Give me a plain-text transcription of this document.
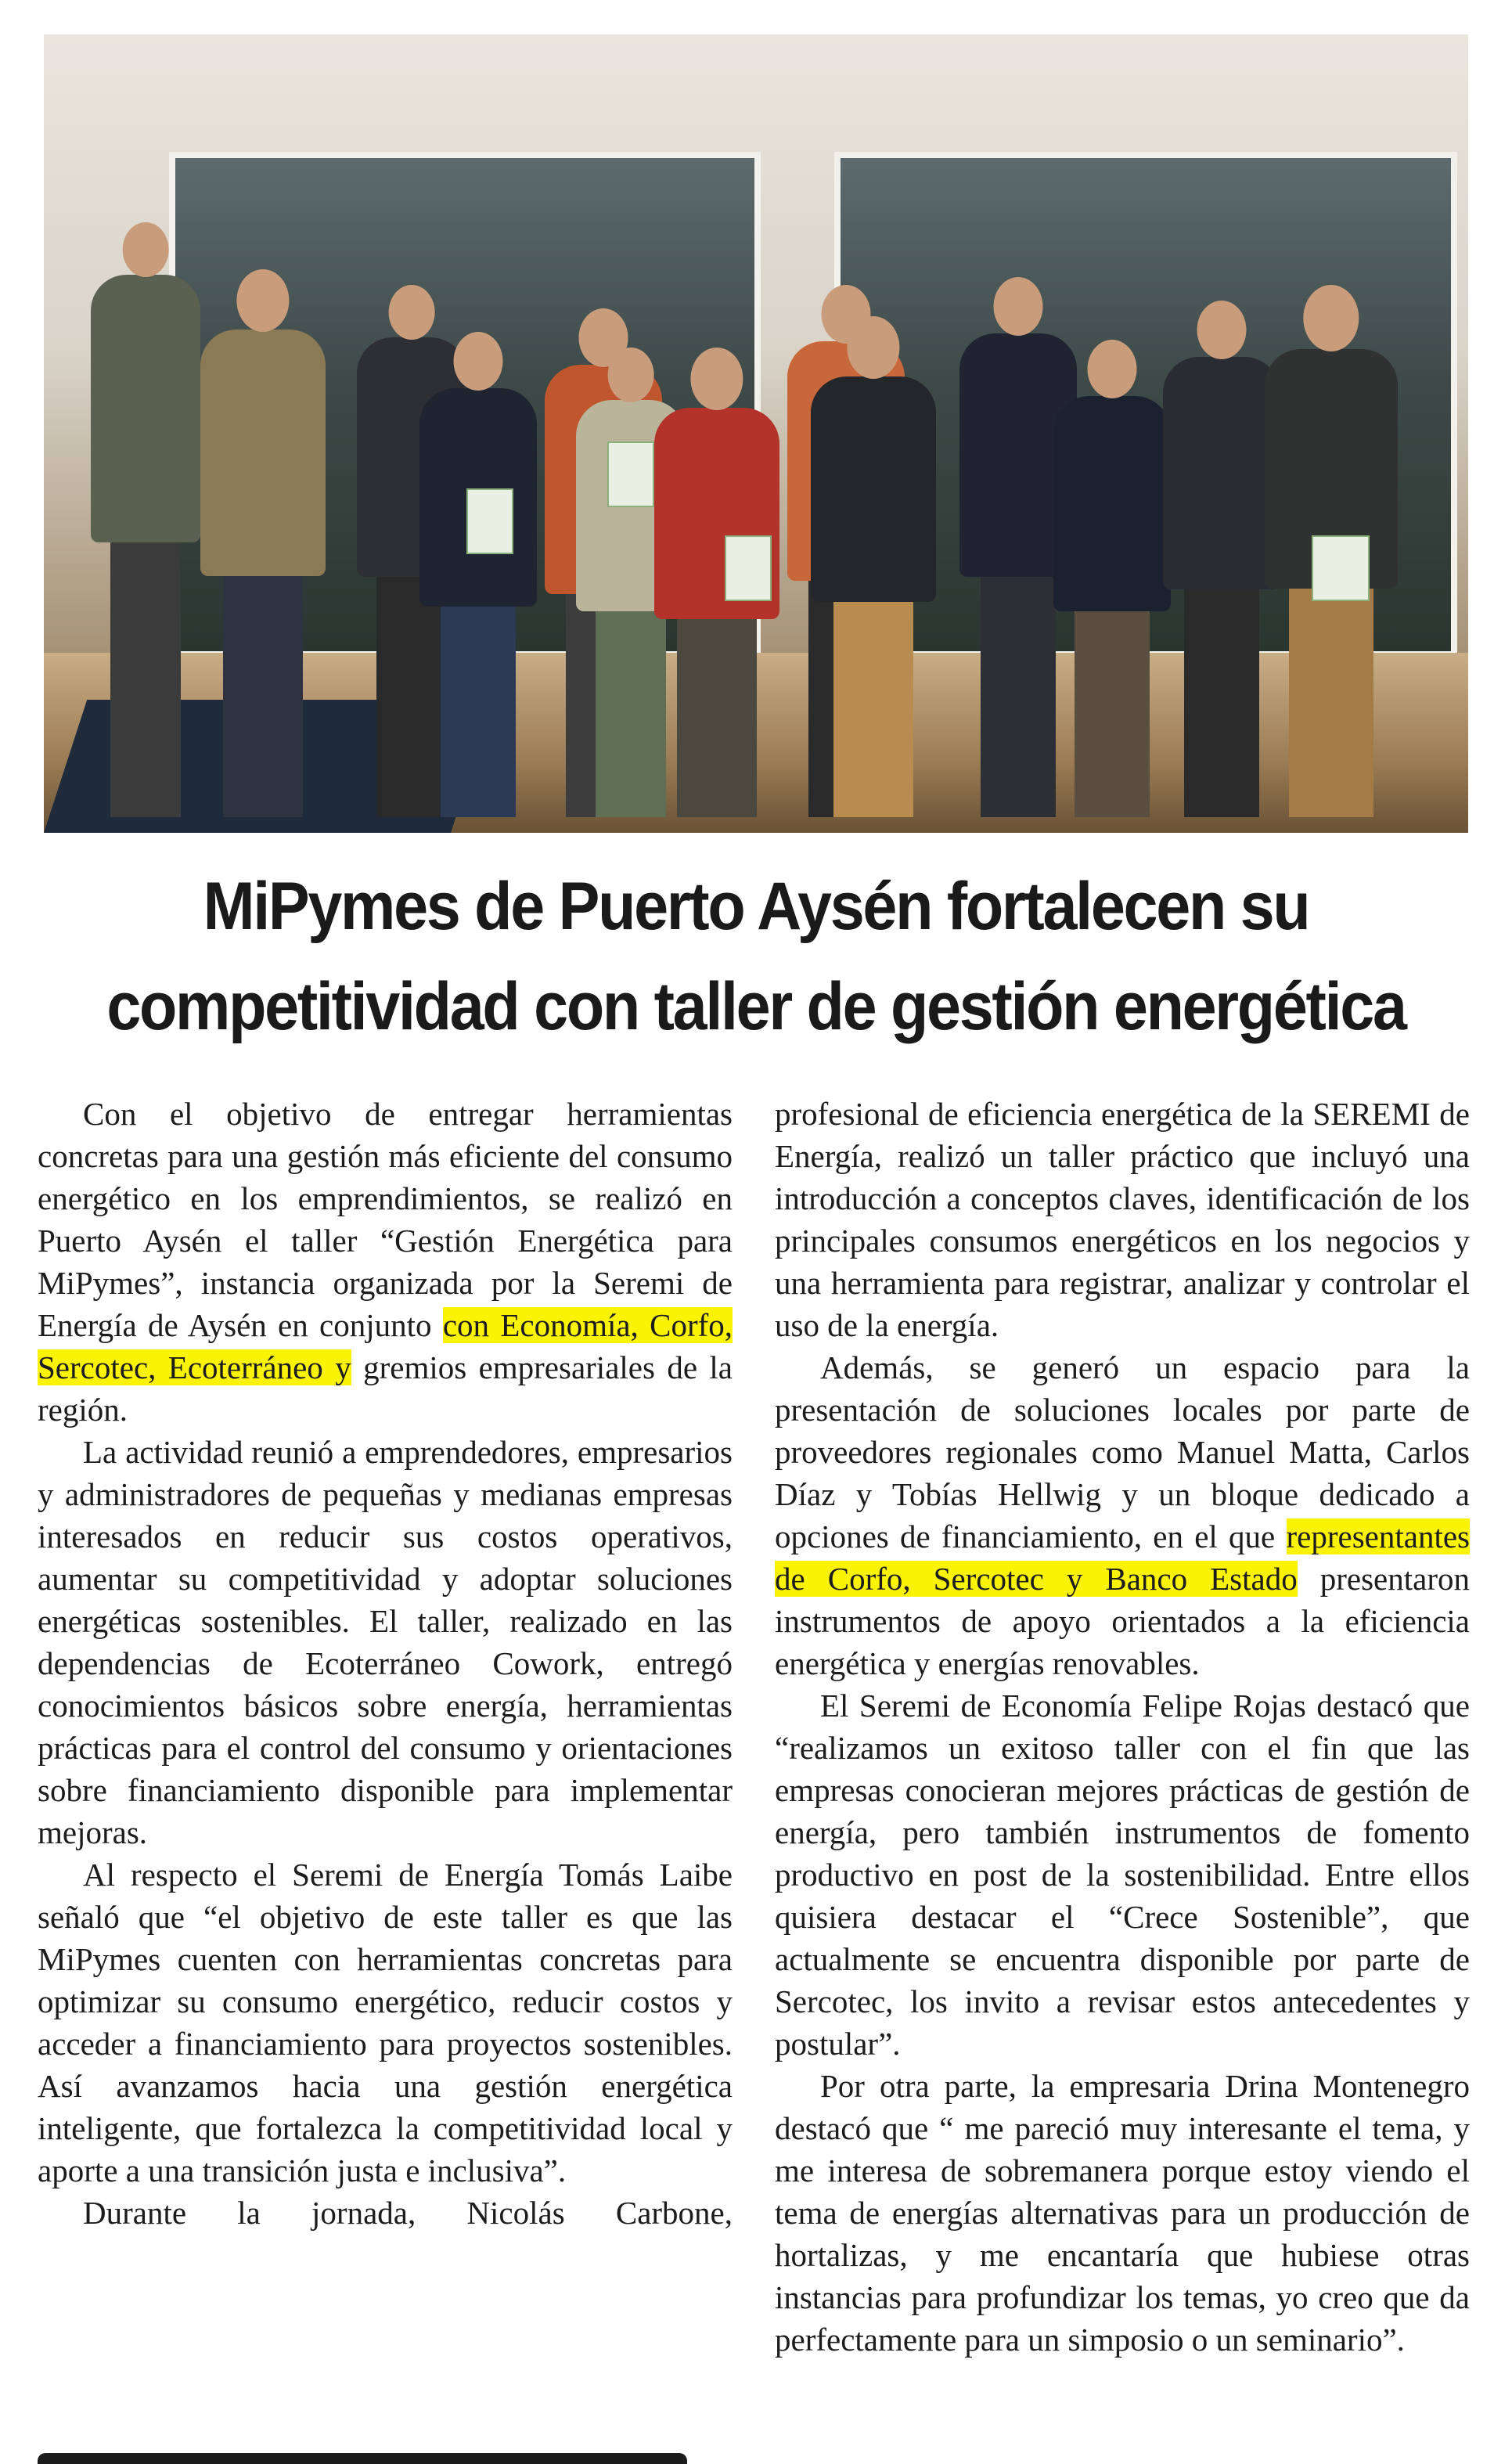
MiPymes de Puerto Aysén fortalecen su competitividad con taller de gestión energética

Con el objetivo de entregar herramientas concretas para una gestión más eficiente del consumo energético en los emprendimientos, se realizó en Puerto Aysén el taller “Gestión Energética para MiPymes”, instancia organizada por la Seremi de Energía de Aysén en conjunto con Economía, Corfo, Sercotec, Ecoterráneo y gremios empresariales de la región.

La actividad reunió a emprendedores, empresarios y administradores de pequeñas y medianas empresas interesados en reducir sus costos operativos, aumentar su competitividad y adoptar soluciones energéticas sostenibles. El taller, realizado en las dependencias de Ecoterráneo Cowork, entregó conocimientos básicos sobre energía, herramientas prácticas para el control del consumo y orientaciones sobre financiamiento disponible para implementar mejoras.

Al respecto el Seremi de Energía Tomás Laibe señaló que “el objetivo de este taller es que las MiPymes cuenten con herramientas concretas para optimizar su consumo energético, reducir costos y acceder a financiamiento para proyectos sostenibles. Así avanzamos hacia una gestión energética inteligente, que fortalezca la competitividad local y aporte a una transición justa e inclusiva”.

Durante la jornada, Nicolás Carbone,

profesional de eficiencia energética de la SEREMI de Energía, realizó un taller práctico que incluyó una introducción a conceptos claves, identificación de los principales consumos energéticos en los negocios y una herramienta para registrar, analizar y controlar el uso de la energía.

Además, se generó un espacio para la presentación de soluciones locales por parte de proveedores regionales como Manuel Matta, Carlos Díaz y Tobías Hellwig y un bloque dedicado a opciones de financiamiento, en el que representantes de Corfo, Sercotec y Banco Estado presentaron instrumentos de apoyo orientados a la eficiencia energética y energías renovables.

El Seremi de Economía Felipe Rojas destacó que “realizamos un exitoso taller con el fin que las empresas conocieran mejores prácticas de gestión de energía, pero también instrumentos de fomento productivo en post de la sostenibilidad. Entre ellos quisiera destacar el “Crece Sostenible”, que actualmente se encuentra disponible por parte de Sercotec, los invito a revisar estos antecedentes y postular”.

Por otra parte, la empresaria Drina Montenegro destacó que “ me pareció muy interesante el tema, y me interesa de sobremanera porque estoy viendo el tema de energías alternativas para un producción de hortalizas, y me encantaría que hubiese otras instancias para profundizar los temas, yo creo que da perfectamente para un simposio o un seminario”.
